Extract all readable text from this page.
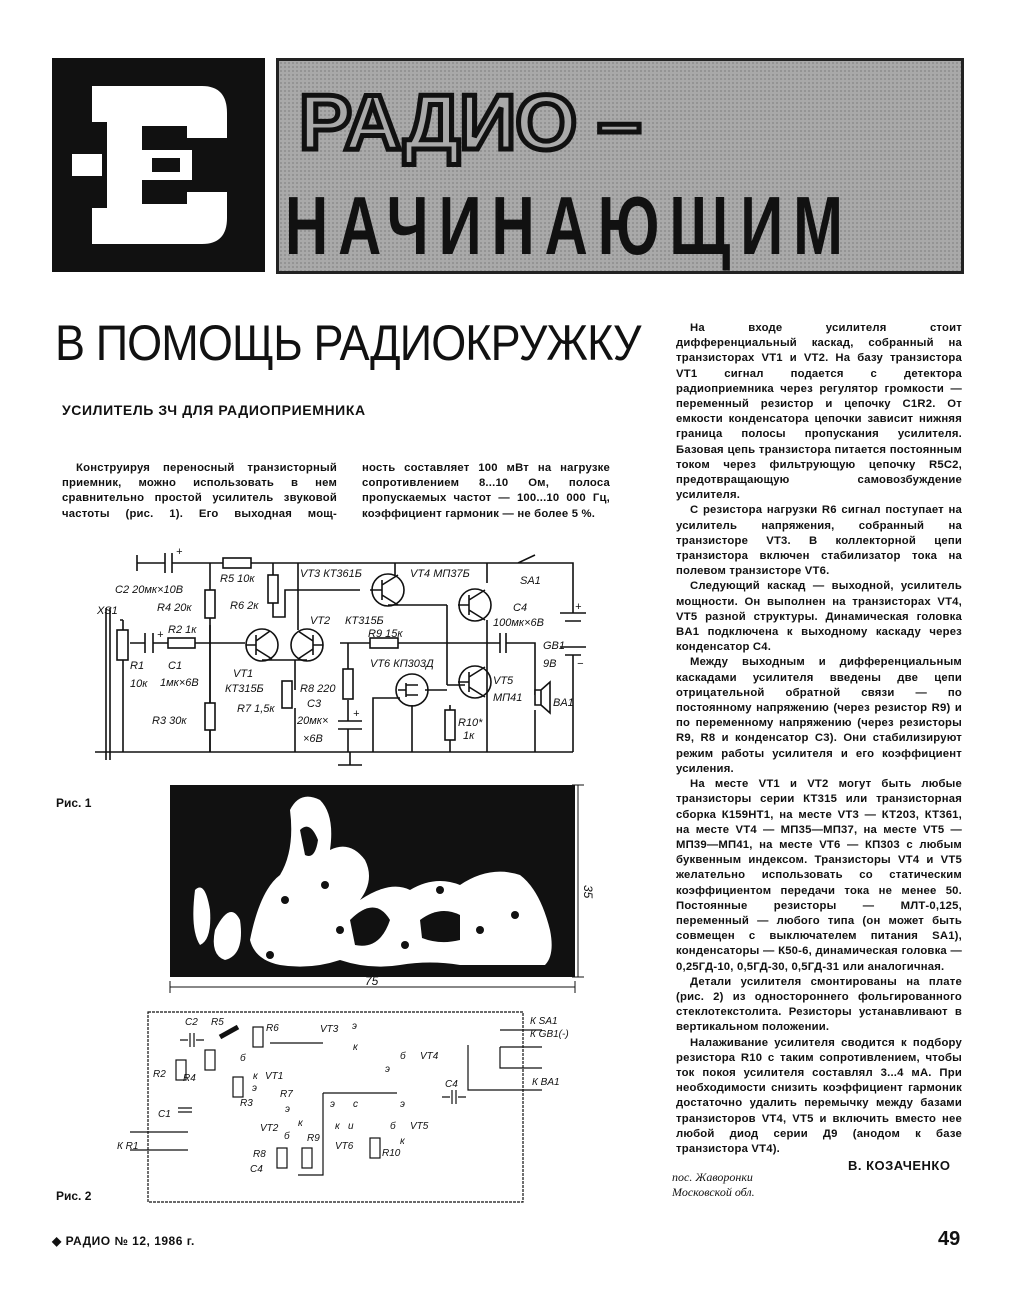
РАДИО –
НАЧИНАЮЩИМ
В ПОМОЩЬ РАДИОКРУЖКУ
УСИЛИТЕЛЬ ЗЧ ДЛЯ РАДИОПРИЕМНИКА

Конструируя переносный транзисторный приемник, можно использовать в нем сравнительно простой усилитель звуковой частоты (рис. 1). Его выходная мощ-

ность составляет 100 мВт на нагрузке сопротивлением 8...10 Ом, полоса пропускаемых частот — 100...10 000 Гц, коэффициент гармоник — не более 5 %.

На входе усилителя стоит дифференциальный каскад, собранный на транзисторах VT1 и VT2. На базу транзистора VT1 сигнал подается с детектора радиоприемника через регулятор громкости — переменный резистор и цепочку C1R2. От емкости конденсатора цепочки зависит нижняя граница полосы пропускания усилителя. Базовая цепь транзистора питается постоянным током через фильтрующую цепочку R5C2, предотвращающую самовозбуждение усилителя.

С резистора нагрузки R6 сигнал поступает на усилитель напряжения, собранный на транзисторе VT3. В коллекторной цепи транзистора включен стабилизатор тока на полевом транзисторе VT6.

Следующий каскад — выходной, усилитель мощности. Он выполнен на транзисторах VT4, VT5 разной структуры. Динамическая головка BA1 подключена к выходному каскаду через конденсатор C4.

Между выходным и дифференциальным каскадами усилителя введены две цепи отрицательной обратной связи — по постоянному напряжению (через резистор R9) и по переменному напряжению (через резисторы R9, R8 и конденсатор C3). Они стабилизируют режим работы усилителя и его коэффициент усиления.

На месте VT1 и VT2 могут быть любые транзисторы серии КТ315 или транзисторная сборка К159НТ1, на месте VT3 — КТ203, КТ361, на месте VT4 — МП35—МП37, на месте VT5 — МП39—МП41, на месте VT6 — КП303 с любым буквенным индексом. Транзисторы VT4 и VT5 желательно использовать со статическим коэффициентом передачи тока не менее 50. Постоянные резисторы — МЛТ-0,125, переменный — любого типа (он может быть совмещен с выключателем питания SA1), конденсаторы — К50-6, динамическая головка — 0,25ГД-10, 0,5ГД-30, 0,5ГД-31 или аналогичная.

Детали усилителя смонтированы на плате (рис. 2) из одностороннего фольгированного стеклотекстолита. Резисторы устанавливают в вертикальном положении.

Налаживание усилителя сводится к подбору резистора R10 с таким сопротивлением, чтобы ток покоя усилителя составлял 3...4 мА. При необходимости снизить коэффициент гармоник достаточно удалить перемычку между базами транзисторов VT4, VT5 и включить вместо нее любой диод серии Д9 (анодом к базе транзистора VT4).

C2 20мк×10В
R5 10к
R4 20к	R6 2к
VT3 КТ361Б	VT4 МП37Б
SA1
XS1
R2 1к
VT2 КТ315Б
R9 15к
C4
100мк×6В
GB1
9В
R1
10к
C1
1мк×6В
VT1
КТ315Б
VT6 КП303Д
R8 220
R7 1,5к	C3
20мк×
×6В
VT5
МП41	BA1
R10*
1к
R3 30к
+
+
+
+
−
Рис. 1
35
75
C2 R5
R6	VT3 э
к
б VT4
э
К SA1
К GB1(-)
К BA1
R2 R4
б
к VT1
R3
э
R7
C1	э
C4
э с	э
VT2 к	к и	б VT5
К R1
б R9
VT6	к
R8	R10
C4
Рис. 2
В. КОЗАЧЕНКО
пос. Жаворонки
Московской обл.
◆ РАДИО № 12, 1986 г.	49
